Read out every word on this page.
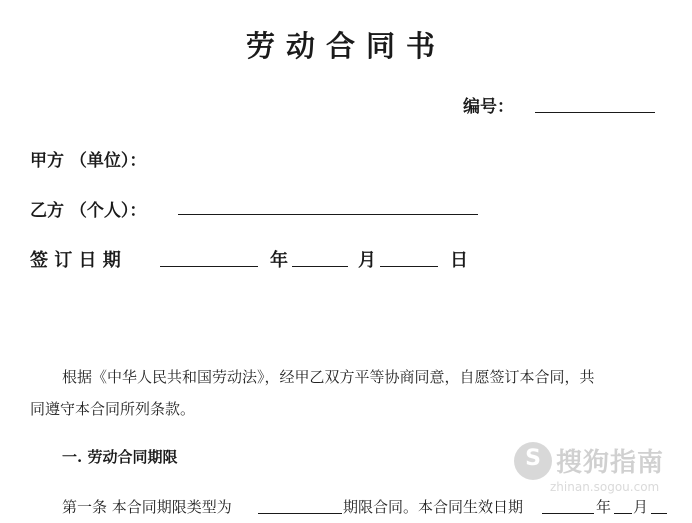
劳动合同书
编号：
甲方 （单位）：
乙方 （个人）：
签 订 日 期	年	月	日
根据《中华人民共和国劳动法》，经甲乙双方平等协商同意，自愿签订本合同，共
同遵守本合同所列条款。
一. 劳动合同期限
第一条 本合同期限类型为	期限合同。本合同生效日期	年 月
S
搜狗指南
zhinan.sogou.com
